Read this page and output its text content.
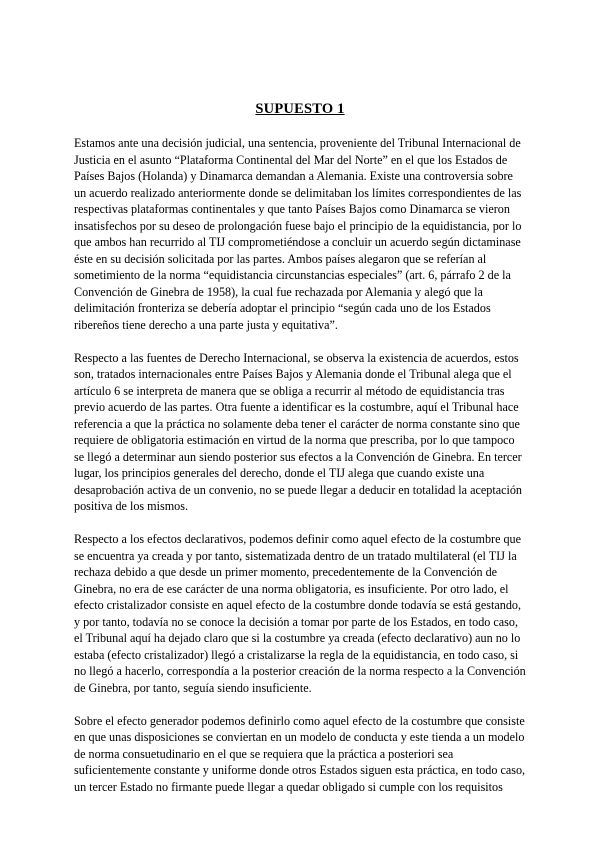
SUPUESTO 1

Estamos ante una decisión judicial, una sentencia, proveniente del Tribunal Internacional de Justicia en el asunto “Plataforma Continental del Mar del Norte” en el que los Estados de Países Bajos (Holanda) y Dinamarca demandan a Alemania. Existe una controversia sobre un acuerdo realizado anteriormente donde se delimitaban los límites correspondientes de las respectivas plataformas continentales y que tanto Países Bajos como Dinamarca se vieron insatisfechos por su deseo de prolongación fuese bajo el principio de la equidistancia, por lo que ambos han recurrido al TIJ comprometiéndose a concluir un acuerdo según dictaminase éste en su decisión solicitada por las partes. Ambos países alegaron que se referían al sometimiento de la norma “equidistancia circunstancias especiales” (art. 6, párrafo 2 de la Convención de Ginebra de 1958), la cual fue rechazada por Alemania y alegó que la delimitación fronteriza se debería adoptar el principio “según cada uno de los Estados ribereños tiene derecho a una parte justa y equitativa”.

Respecto a las fuentes de Derecho Internacional, se observa la existencia de acuerdos, estos son, tratados internacionales entre Países Bajos y Alemania donde el Tribunal alega que el artículo 6 se interpreta de manera que se obliga a recurrir al método de equidistancia tras previo acuerdo de las partes. Otra fuente a identificar es la costumbre, aquí el Tribunal hace referencia a que la práctica no solamente deba tener el carácter de norma constante sino que requiere de obligatoria estimación en virtud de la norma que prescriba, por lo que tampoco se llegó a determinar aun siendo posterior sus efectos a la Convención de Ginebra. En tercer lugar, los principios generales del derecho, donde el TIJ alega que cuando existe una desaprobación activa de un convenio, no se puede llegar a deducir en totalidad la aceptación positiva de los mismos.

Respecto a los efectos declarativos, podemos definir como aquel efecto de la costumbre que se encuentra ya creada y por tanto, sistematizada dentro de un tratado multilateral (el TIJ la rechaza debido a que desde un primer momento, precedentemente de la Convención de Ginebra, no era de ese carácter de una norma obligatoria, es insuficiente. Por otro lado, el efecto cristalizador consiste en aquel efecto de la costumbre donde todavía se está gestando, y por tanto, todavía no se conoce la decisión a tomar por parte de los Estados, en todo caso, el Tribunal aquí ha dejado claro que si la costumbre ya creada (efecto declarativo) aun no lo estaba (efecto cristalizador) llegó a cristalizarse la regla de la equidistancia, en todo caso, si no llegó a hacerlo, correspondía a la posterior creación de la norma respecto a la Convención de Ginebra, por tanto, seguía siendo insuficiente.

Sobre el efecto generador podemos definirlo como aquel efecto de la costumbre que consiste en que unas disposiciones se conviertan en un modelo de conducta y este tienda a un modelo de norma consuetudinario en el que se requiera que la práctica a posteriori sea suficientemente constante y uniforme donde otros Estados siguen esta práctica, en todo caso, un tercer Estado no firmante puede llegar a quedar obligado si cumple con los requisitos
